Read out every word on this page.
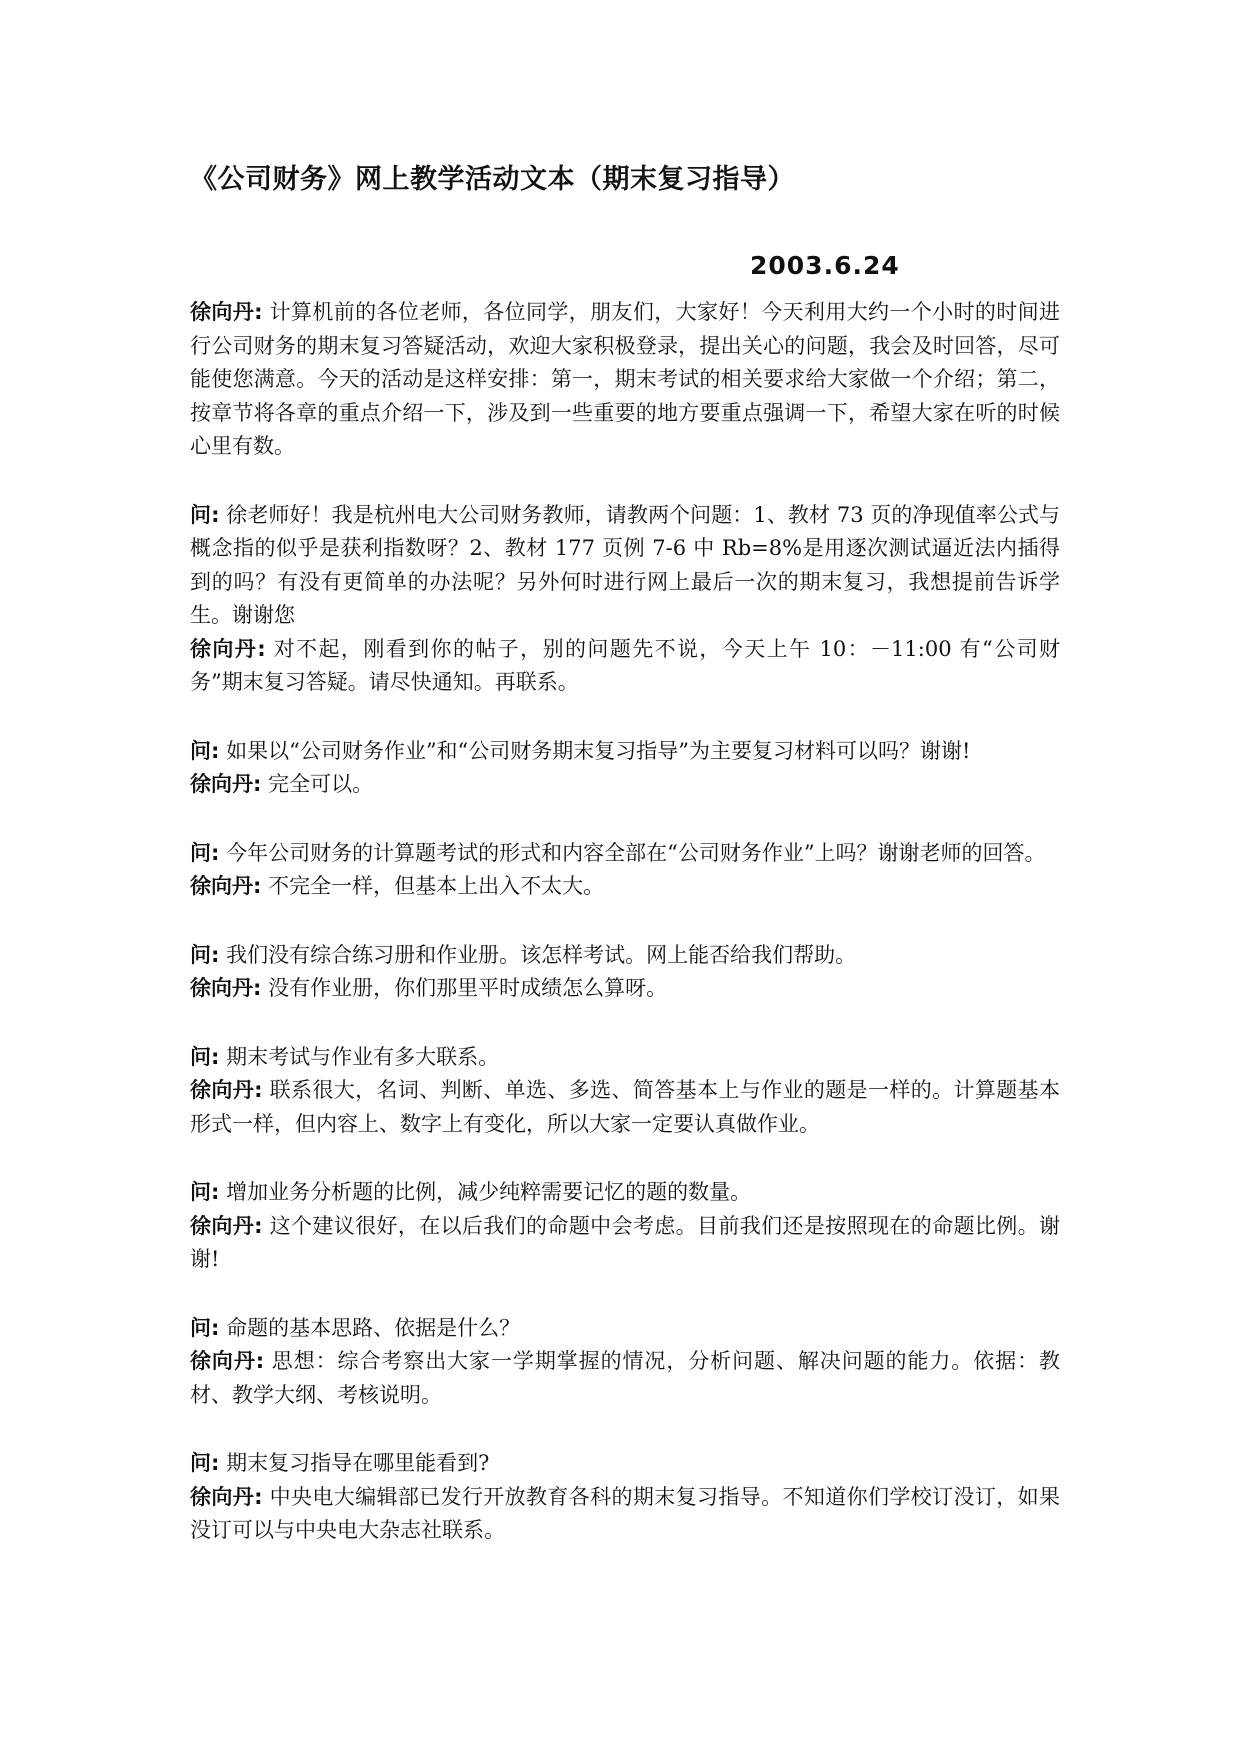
《公司财务》网上教学活动文本（期末复习指导）
2003.6.24

徐向丹: 计算机前的各位老师，各位同学，朋友们，大家好！今天利用大约一个小时的时间进行公司财务的期末复习答疑活动，欢迎大家积极登录，提出关心的问题，我会及时回答，尽可能使您满意。今天的活动是这样安排：第一，期末考试的相关要求给大家做一个介绍；第二，按章节将各章的重点介绍一下，涉及到一些重要的地方要重点强调一下，希望大家在听的时候心里有数。

问: 徐老师好！我是杭州电大公司财务教师，请教两个问题：1、教材 73 页的净现值率公式与概念指的似乎是获利指数呀？2、教材 177 页例 7-6 中 Rb=8%是用逐次测试逼近法内插得到的吗？有没有更简单的办法呢？另外何时进行网上最后一次的期末复习，我想提前告诉学生。谢谢您

徐向丹: 对不起，刚看到你的帖子，别的问题先不说，今天上午 10：－11:00 有“公司财务”期末复习答疑。请尽快通知。再联系。

问: 如果以“公司财务作业”和“公司财务期末复习指导”为主要复习材料可以吗？谢谢!

徐向丹: 完全可以。

问: 今年公司财务的计算题考试的形式和内容全部在“公司财务作业”上吗？谢谢老师的回答。

徐向丹: 不完全一样，但基本上出入不太大。

问: 我们没有综合练习册和作业册。该怎样考试。网上能否给我们帮助。

徐向丹: 没有作业册，你们那里平时成绩怎么算呀。

问: 期末考试与作业有多大联系。

徐向丹: 联系很大，名词、判断、单选、多选、简答基本上与作业的题是一样的。计算题基本形式一样，但内容上、数字上有变化，所以大家一定要认真做作业。

问: 增加业务分析题的比例，减少纯粹需要记忆的题的数量。

徐向丹: 这个建议很好，在以后我们的命题中会考虑。目前我们还是按照现在的命题比例。谢谢!

问: 命题的基本思路、依据是什么？

徐向丹: 思想：综合考察出大家一学期掌握的情况，分析问题、解决问题的能力。依据：教材、教学大纲、考核说明。

问: 期末复习指导在哪里能看到?

徐向丹: 中央电大编辑部已发行开放教育各科的期末复习指导。不知道你们学校订没订，如果没订可以与中央电大杂志社联系。
